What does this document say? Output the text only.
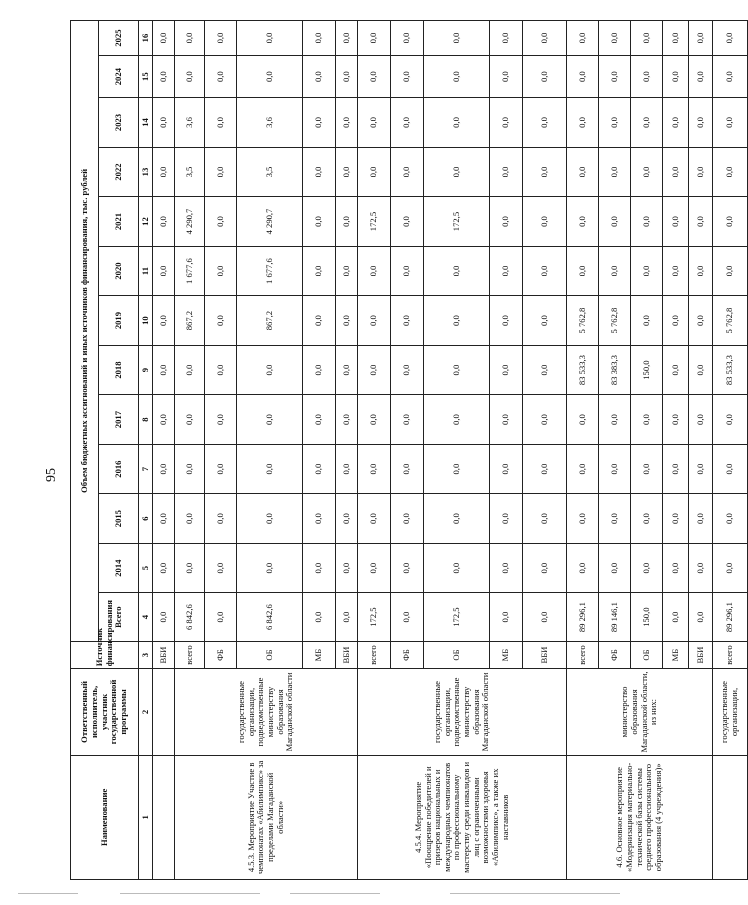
95
Наименование	Ответственный исполнитель, участник государственной программы	Источник финансирования	Объем бюджетных ассигнований и иных источников финансирования, тыс. рублей												
			Всего	2014	2015	2016	2017	2018	2019	2020	2021	2022	2023	2024	2025
1	2	3	4	5	6	7	8	9	10	11	12	13	14	15	16
		ВБИ	0,0	0,0	0,0	0,0	0,0	0,0	0,0	0,0	0,0	0,0	0,0	0,0	0,0
4.5.3. Мероприятие Участие в чемпионатах «Абилимпикс» за пределами Магаданской области»	государственные организации, подведомственные министерству образования Магаданской области	всего	6 842,6	0,0	0,0	0,0	0,0	0,0	867,2	1 677,6	4 290,7	3,5	3,6	0,0	0,0
		ФБ	0,0	0,0	0,0	0,0	0,0	0,0	0,0	0,0	0,0	0,0	0,0	0,0	0,0
		ОБ	6 842,6	0,0	0,0	0,0	0,0	0,0	867,2	1 677,6	4 290,7	3,5	3,6	0,0	0,0
		МБ	0,0	0,0	0,0	0,0	0,0	0,0	0,0	0,0	0,0	0,0	0,0	0,0	0,0
		ВБИ	0,0	0,0	0,0	0,0	0,0	0,0	0,0	0,0	0,0	0,0	0,0	0,0	0,0
4.5.4. Мероприятие «Поощрение победителей и призеров национальных и международных чемпионатов по профессиональному мастерству среди инвалидов и лиц с ограниченными возможностями здоровья «Абилимпикс», а также их наставников	государственные организации, подведомственные министерству образования Магаданской области	всего	172,5	0,0	0,0	0,0	0,0	0,0	0,0	0,0	172,5	0,0	0,0	0,0	0,0
		ФБ	0,0	0,0	0,0	0,0	0,0	0,0	0,0	0,0	0,0	0,0	0,0	0,0	0,0
		ОБ	172,5	0,0	0,0	0,0	0,0	0,0	0,0	0,0	172,5	0,0	0,0	0,0	0,0
		МБ	0,0	0,0	0,0	0,0	0,0	0,0	0,0	0,0	0,0	0,0	0,0	0,0	0,0
		ВБИ	0,0	0,0	0,0	0,0	0,0	0,0	0,0	0,0	0,0	0,0	0,0	0,0	0,0
4.6. Основное мероприятие «Модернизация материально-технической базы системы среднего профессионального образования (4 учреждения)»	министерство образования Магаданской области, из них:	всего	89 296,1	0,0	0,0	0,0	0,0	83 533,3	5 762,8	0,0	0,0	0,0	0,0	0,0	0,0
		ФБ	89 146,1	0,0	0,0	0,0	0,0	83 383,3	5 762,8	0,0	0,0	0,0	0,0	0,0	0,0
		ОБ	150,0	0,0	0,0	0,0	0,0	150,0	0,0	0,0	0,0	0,0	0,0	0,0	0,0
		МБ	0,0	0,0	0,0	0,0	0,0	0,0	0,0	0,0	0,0	0,0	0,0	0,0	0,0
		ВБИ	0,0	0,0	0,0	0,0	0,0	0,0	0,0	0,0	0,0	0,0	0,0	0,0	0,0
	государственные организации,	всего	89 296,1	0,0	0,0	0,0	0,0	83 533,3	5 762,8	0,0	0,0	0,0	0,0	0,0	0,0
